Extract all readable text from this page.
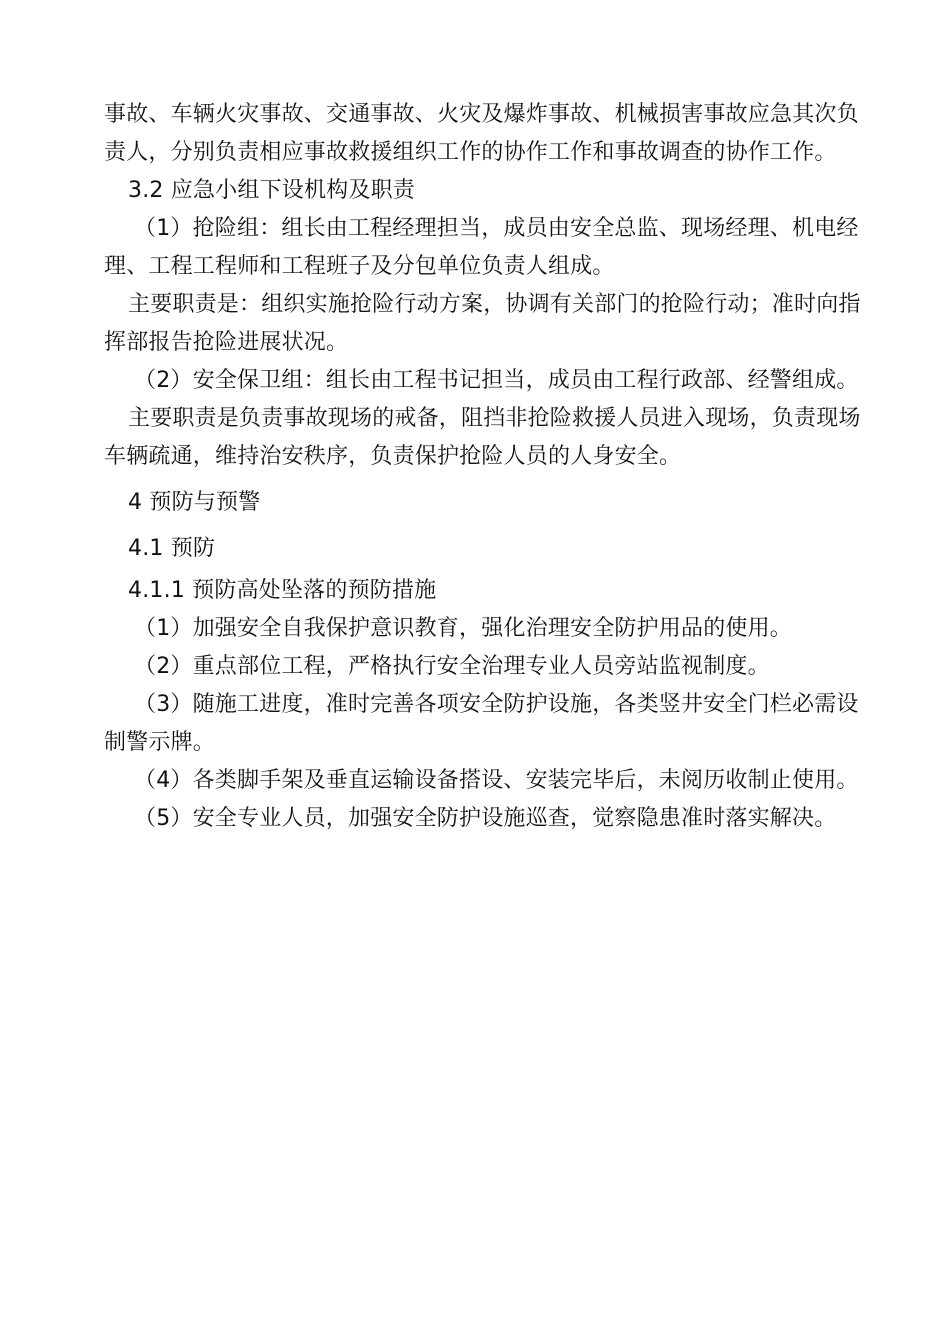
事故、车辆火灾事故、交通事故、火灾及爆炸事故、机械损害事故应急其次负责人，分别负责相应事故救援组织工作的协作工作和事故调查的协作工作。

3.2 应急小组下设机构及职责

（1）抢险组：组长由工程经理担当，成员由安全总监、现场经理、机电经理、工程工程师和工程班子及分包单位负责人组成。

主要职责是：组织实施抢险行动方案，协调有关部门的抢险行动；准时向指挥部报告抢险进展状况。

（2）安全保卫组：组长由工程书记担当，成员由工程行政部、经警组成。

主要职责是负责事故现场的戒备，阻挡非抢险救援人员进入现场，负责现场车辆疏通，维持治安秩序，负责保护抢险人员的人身安全。

4 预防与预警

4.1 预防

4.1.1 预防高处坠落的预防措施

（1）加强安全自我保护意识教育，强化治理安全防护用品的使用。

（2）重点部位工程，严格执行安全治理专业人员旁站监视制度。

（3）随施工进度，准时完善各项安全防护设施，各类竖井安全门栏必需设制警示牌。

（4）各类脚手架及垂直运输设备搭设、安装完毕后，未阅历收制止使用。

（5）安全专业人员，加强安全防护设施巡查，觉察隐患准时落实解决。
